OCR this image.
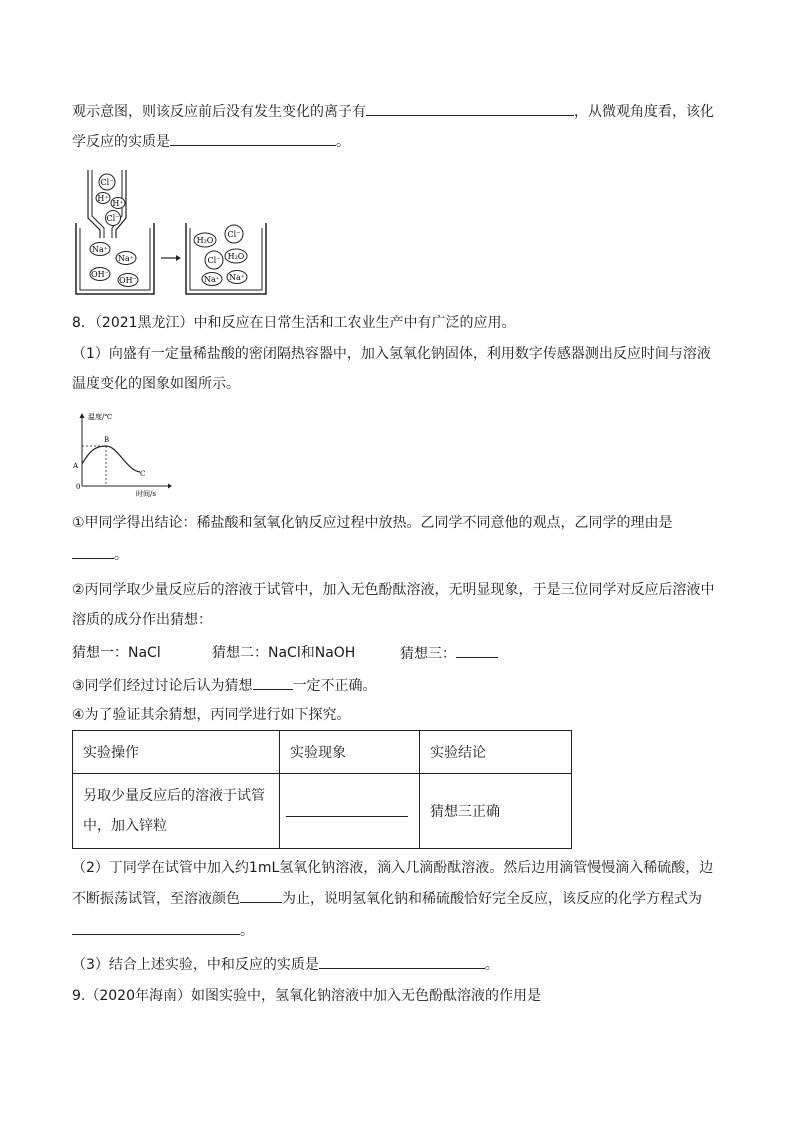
观示意图，则该反应前后没有发生变化的离子有	，从微观角度看，该化
学反应的实质是	。
Cl⁻
H⁺
H⁺
Cl⁻
Na⁺
Na⁺
OH⁻
OH⁻
H₂O
Cl⁻
H₂O
Cl⁻
Na⁺ Na⁺
8．（2021黑龙江）中和反应在日常生活和工农业生产中有广泛的应用。
（1）向盛有一定量稀盐酸的密闭隔热容器中，加入氢氧化钠固体，利用数字传感器测出反应时间与溶液
温度变化的图象如图所示。
温度/℃
B
A
C
0
时间/s
①甲同学得出结论：稀盐酸和氢氧化钠反应过程中放热。乙同学不同意他的观点，乙同学的理由是
。
②丙同学取少量反应后的溶液于试管中，加入无色酚酞溶液，无明显现象，于是三位同学对反应后溶液中
溶质的成分作出猜想：
猜想一：NaCl	猜想二：NaCl和NaOH	猜想三：
③同学们经过讨论后认为猜想	一定不正确。
④为了验证其余猜想，丙同学进行如下探究。
实验操作	实验现象	实验结论

另取少量反应后的溶液于试管
中，加入锌粒		猜想三正确
（2）丁同学在试管中加入约1mL氢氧化钠溶液，滴入几滴酚酞溶液。然后边用滴管慢慢滴入稀硫酸，边
不断振荡试管，至溶液颜色	为止，说明氢氧化钠和稀硫酸恰好完全反应，该反应的化学方程式为
。
（3）结合上述实验，中和反应的实质是	。
9.（2020年海南）如图实验中，氢氧化钠溶液中加入无色酚酞溶液的作用是
